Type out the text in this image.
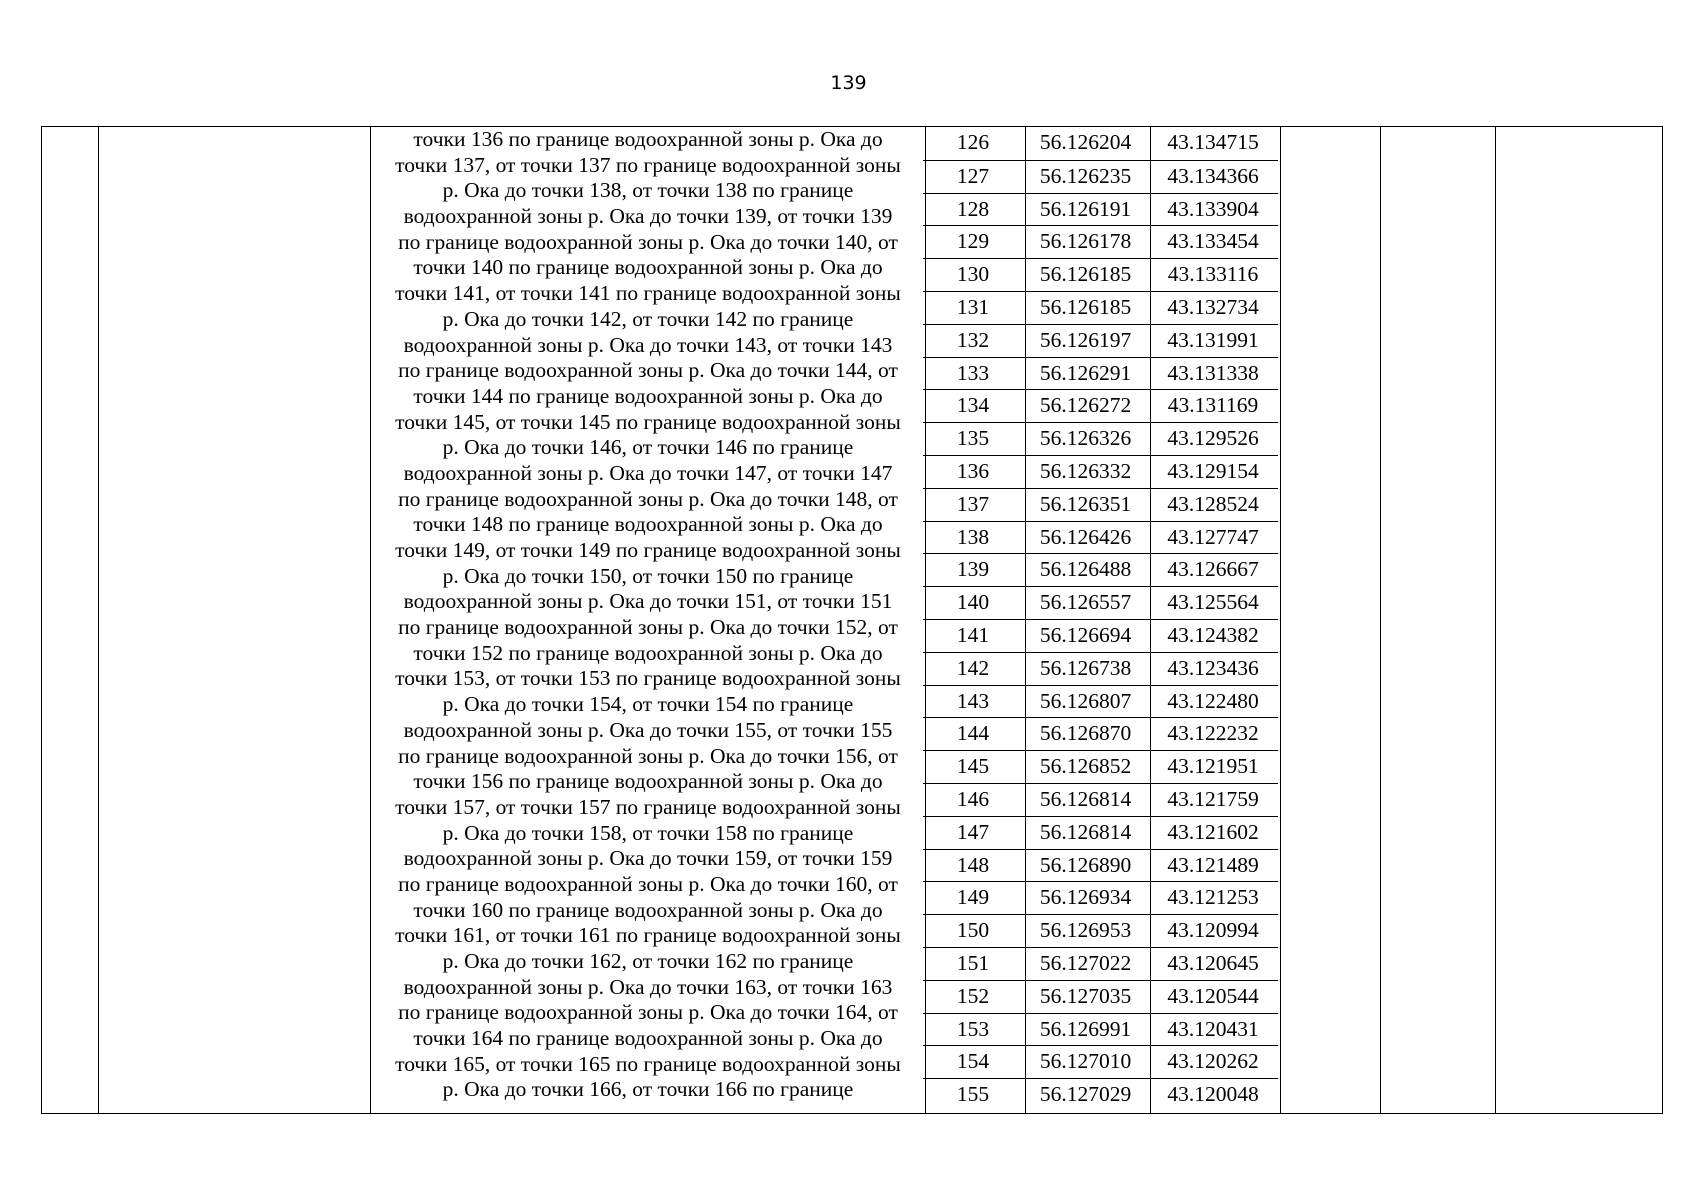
139
точки 136 по границе водоохранной зоны р. Ока до
точки 137, от точки 137 по границе водоохранной зоны
р. Ока до точки 138, от точки 138 по границе
водоохранной зоны р. Ока до точки 139, от точки 139
по границе водоохранной зоны р. Ока до точки 140, от
точки 140 по границе водоохранной зоны р. Ока до
точки 141, от точки 141 по границе водоохранной зоны
р. Ока до точки 142, от точки 142 по границе
водоохранной зоны р. Ока до точки 143, от точки 143
по границе водоохранной зоны р. Ока до точки 144, от
точки 144 по границе водоохранной зоны р. Ока до
точки 145, от точки 145 по границе водоохранной зоны
р. Ока до точки 146, от точки 146 по границе
водоохранной зоны р. Ока до точки 147, от точки 147
по границе водоохранной зоны р. Ока до точки 148, от
точки 148 по границе водоохранной зоны р. Ока до
точки 149, от точки 149 по границе водоохранной зоны
р. Ока до точки 150, от точки 150 по границе
водоохранной зоны р. Ока до точки 151, от точки 151
по границе водоохранной зоны р. Ока до точки 152, от
точки 152 по границе водоохранной зоны р. Ока до
точки 153, от точки 153 по границе водоохранной зоны
р. Ока до точки 154, от точки 154 по границе
водоохранной зоны р. Ока до точки 155, от точки 155
по границе водоохранной зоны р. Ока до точки 156, от
точки 156 по границе водоохранной зоны р. Ока до
точки 157, от точки 157 по границе водоохранной зоны
р. Ока до точки 158, от точки 158 по границе
водоохранной зоны р. Ока до точки 159, от точки 159
по границе водоохранной зоны р. Ока до точки 160, от
точки 160 по границе водоохранной зоны р. Ока до
точки 161, от точки 161 по границе водоохранной зоны
р. Ока до точки 162, от точки 162 по границе
водоохранной зоны р. Ока до точки 163, от точки 163
по границе водоохранной зоны р. Ока до точки 164, от
точки 164 по границе водоохранной зоны р. Ока до
точки 165, от точки 165 по границе водоохранной зоны
р. Ока до точки 166, от точки 166 по границе
126	56.126204	43.134715
127	56.126235	43.134366
128	56.126191	43.133904
129	56.126178	43.133454
130	56.126185	43.133116
131	56.126185	43.132734
132	56.126197	43.131991
133	56.126291	43.131338
134	56.126272	43.131169
135	56.126326	43.129526
136	56.126332	43.129154
137	56.126351	43.128524
138	56.126426	43.127747
139	56.126488	43.126667
140	56.126557	43.125564
141	56.126694	43.124382
142	56.126738	43.123436
143	56.126807	43.122480
144	56.126870	43.122232
145	56.126852	43.121951
146	56.126814	43.121759
147	56.126814	43.121602
148	56.126890	43.121489
149	56.126934	43.121253
150	56.126953	43.120994
151	56.127022	43.120645
152	56.127035	43.120544
153	56.126991	43.120431
154	56.127010	43.120262
155	56.127029	43.120048
